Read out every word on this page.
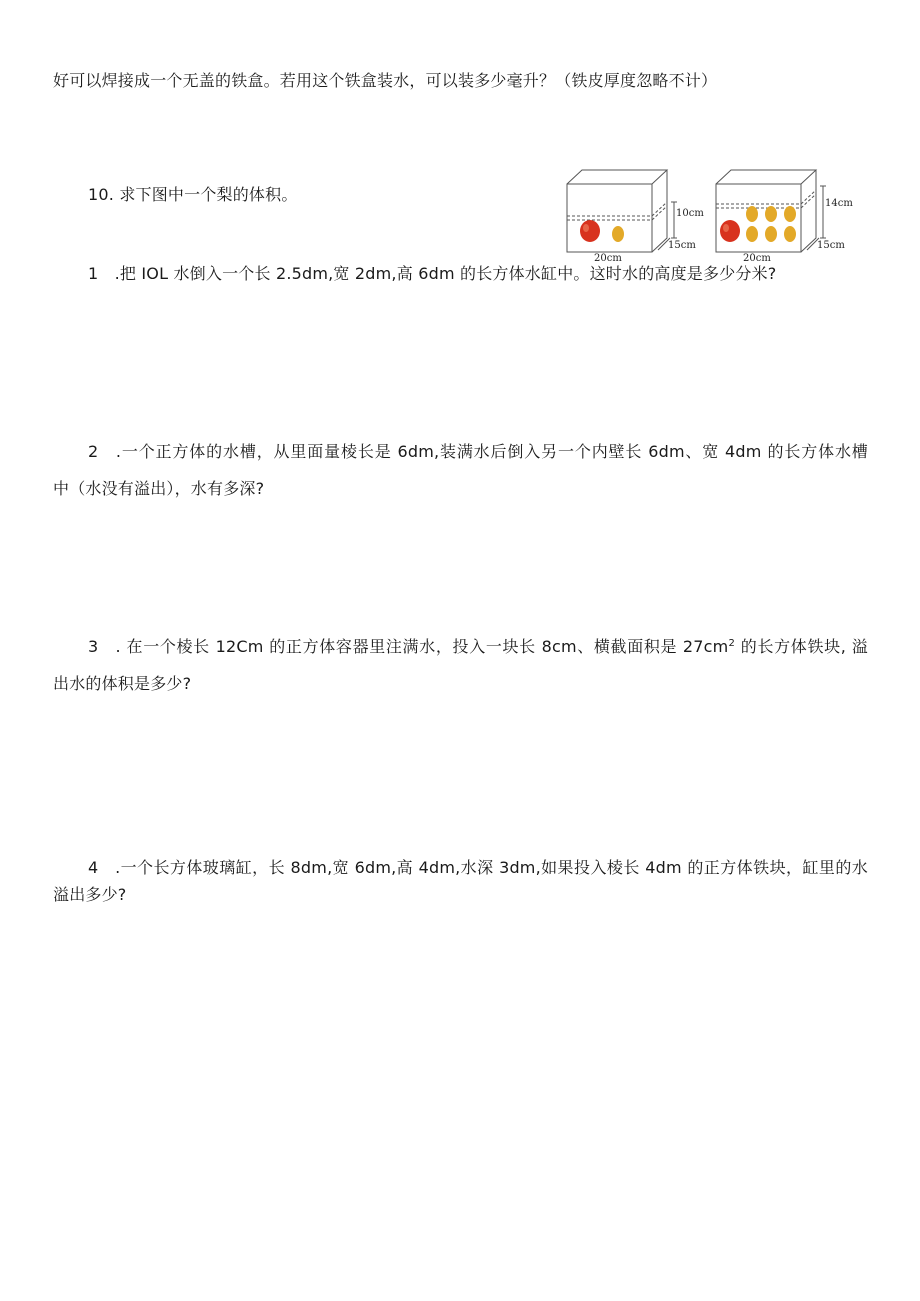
好可以焊接成一个无盖的铁盒。若用这个铁盒装水，可以装多少毫升？（铁皮厚度忽略不计）
10. 求下图中一个梨的体积。
10cm
15cm
20cm
14cm
15cm
20cm
1　.把 IOL 水倒入一个长 2.5dm,宽 2dm,高 6dm 的长方体水缸中。这时水的高度是多少分米?
2　.一个正方体的水槽，从里面量棱长是 6dm,装满水后倒入另一个内壁长 6dm、宽 4dm 的长方体水槽
中（水没有溢出），水有多深?
3　. 在一个棱长 12Cm 的正方体容器里注满水，投入一块长 8cm、横截面积是 $27cm^2$ 的长方体铁块, 溢
出水的体积是多少?
4　.一个长方体玻璃缸，长 8dm,宽 6dm,高 4dm,水深 3dm,如果投入棱长 4dm 的正方体铁块，缸里的水
溢出多少?
